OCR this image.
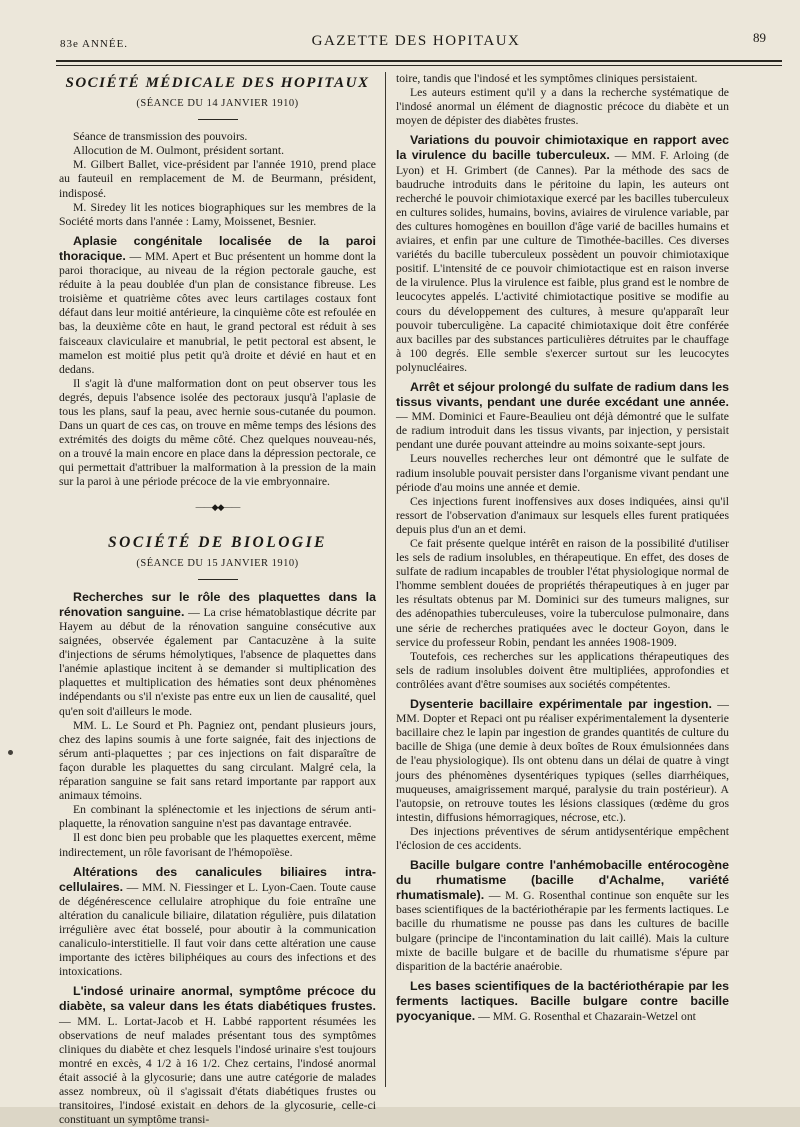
83e ANNÉE.	GAZETTE DES HOPITAUX	89
SOCIÉTÉ MÉDICALE DES HOPITAUX
(SÉANCE DU 14 JANVIER 1910)

Séance de transmission des pouvoirs.

Allocution de M. Oulmont, président sortant.

M. Gilbert Ballet, vice-président par l'année 1910, prend place au fauteuil en remplacement de M. de Beurmann, président, indisposé.

M. Siredey lit les notices biographiques sur les membres de la Société morts dans l'année : Lamy, Moissenet, Besnier.

Aplasie congénitale localisée de la paroi thoracique. — MM. Apert et Buc présentent un homme dont la paroi thoracique, au niveau de la région pectorale gauche, est réduite à la peau doublée d'un plan de consistance fibreuse. Les troisième et quatrième côtes avec leurs cartilages costaux font défaut dans leur moitié antérieure, la cinquième côte est refoulée en bas, la deuxième côte en haut, le grand pectoral est réduit à ses faisceaux claviculaire et manubrial, le petit pectoral est absent, le mamelon est moitié plus petit qu'à droite et dévié en haut et en dedans.

Il s'agit là d'une malformation dont on peut observer tous les degrés, depuis l'absence isolée des pectoraux jusqu'à l'aplasie de tous les plans, sauf la peau, avec hernie sous-cutanée du poumon. Dans un quart de ces cas, on trouve en même temps des lésions des extrémités des doigts du même côté. Chez quelques nouveau-nés, on a trouvé la main encore en place dans la dépression pectorale, ce qui permettait d'attribuer la malformation à la pression de la main sur la paroi à une période précoce de la vie embryonnaire.

——◆◆——
SOCIÉTÉ DE BIOLOGIE
(SÉANCE DU 15 JANVIER 1910)

Recherches sur le rôle des plaquettes dans la rénovation sanguine. — La crise hématoblastique décrite par Hayem au début de la rénovation sanguine consécutive aux saignées, observée également par Cantacuzène à la suite d'injections de sérums hémolytiques, l'absence de plaquettes dans l'anémie aplastique incitent à se demander si multiplication des plaquettes et multiplication des hématies sont deux phénomènes indépendants ou s'il n'existe pas entre eux un lien de causalité, quel qu'en soit d'ailleurs le mode.

MM. L. Le Sourd et Ph. Pagniez ont, pendant plusieurs jours, chez des lapins soumis à une forte saignée, fait des injections de sérum anti-plaquettes ; par ces injections on fait disparaître de façon durable les plaquettes du sang circulant. Malgré cela, la réparation sanguine se fait sans retard importante par rapport aux animaux témoins.

En combinant la splénectomie et les injections de sérum anti-plaquette, la rénovation sanguine n'est pas davantage entravée.

Il est donc bien peu probable que les plaquettes exercent, même indirectement, un rôle favorisant de l'hémopoïèse.

Altérations des canalicules biliaires intra-cellulaires. — MM. N. Fiessinger et L. Lyon-Caen. Toute cause de dégénérescence cellulaire atrophique du foie entraîne une altération du canalicule biliaire, dilatation régulière, puis dilatation irrégulière avec état bosselé, pour aboutir à la communication canaliculo-interstitielle. Il faut voir dans cette altération une cause importante des ictères biliphéiques au cours des infections et des intoxications.

L'indosé urinaire anormal, symptôme précoce du diabète, sa valeur dans les états diabétiques frustes. — MM. L. Lortat-Jacob et H. Labbé rapportent résumées les observations de neuf malades présentant tous des symptômes cliniques du diabète et chez lesquels l'indosé urinaire s'est toujours montré en excès, 4 1/2 à 16 1/2. Chez certains, l'indosé anormal était associé à la glycosurie; dans une autre catégorie de malades assez nombreux, où il s'agissait d'états diabétiques frustes ou transitoires, l'indosé existait en dehors de la glycosurie, celle-ci constituant un symptôme transi-

toire, tandis que l'indosé et les symptômes cliniques persistaient.

Les auteurs estiment qu'il y a dans la recherche systématique de l'indosé anormal un élément de diagnostic précoce du diabète et un moyen de dépister des diabètes frustes.

Variations du pouvoir chimiotaxique en rapport avec la virulence du bacille tuberculeux. — MM. F. Arloing (de Lyon) et H. Grimbert (de Cannes). Par la méthode des sacs de baudruche introduits dans le péritoine du lapin, les auteurs ont recherché le pouvoir chimiotaxique exercé par les bacilles tuberculeux en cultures solides, humains, bovins, aviaires de virulence variable, par des cultures homogènes en bouillon d'âge varié de bacilles humains et aviaires, et enfin par une culture de Timothée-bacilles. Ces diverses variétés du bacille tuberculeux possèdent un pouvoir chimiotaxique positif. L'intensité de ce pouvoir chimiotactique est en raison inverse de la virulence. Plus la virulence est faible, plus grand est le nombre de leucocytes appelés. L'activité chimiotactique positive se modifie au cours du développement des cultures, à mesure qu'apparaît leur pouvoir tuberculigène. La capacité chimiotaxique doit être conférée aux bacilles par des substances particulières détruites par le chauffage à 100 degrés. Elle semble s'exercer surtout sur les leucocytes polynucléaires.

Arrêt et séjour prolongé du sulfate de radium dans les tissus vivants, pendant une durée excédant une année. — MM. Dominici et Faure-Beaulieu ont déjà démontré que le sulfate de radium introduit dans les tissus vivants, par injection, y persistait pendant une durée pouvant atteindre au moins soixante-sept jours.

Leurs nouvelles recherches leur ont démontré que le sulfate de radium insoluble pouvait persister dans l'organisme vivant pendant une période d'au moins une année et demie.

Ces injections furent inoffensives aux doses indiquées, ainsi qu'il ressort de l'observation d'animaux sur lesquels elles furent pratiquées depuis plus d'un an et demi.

Ce fait présente quelque intérêt en raison de la possibilité d'utiliser les sels de radium insolubles, en thérapeutique. En effet, des doses de sulfate de radium incapables de troubler l'état physiologique normal de l'homme semblent douées de propriétés thérapeutiques à en juger par les résultats obtenus par M. Dominici sur des tumeurs malignes, sur des adénopathies tuberculeuses, voire la tuberculose pulmonaire, dans une série de recherches pratiquées avec le docteur Goyon, dans le service du professeur Robin, pendant les années 1908-1909.

Toutefois, ces recherches sur les applications thérapeutiques des sels de radium insolubles doivent être multipliées, approfondies et contrôlées avant d'être soumises aux sociétés compétentes.

Dysenterie bacillaire expérimentale par ingestion. — MM. Dopter et Repaci ont pu réaliser expérimentalement la dysenterie bacillaire chez le lapin par ingestion de grandes quantités de culture du bacille de Shiga (une demie à deux boîtes de Roux émulsionnées dans de l'eau physiologique). Ils ont obtenu dans un délai de quatre à vingt jours des phénomènes dysentériques typiques (selles diarrhéiques, muqueuses, amaigrissement marqué, paralysie du train postérieur). A l'autopsie, on retrouve toutes les lésions classiques (œdème du gros intestin, diffusions hémorragiques, nécrose, etc.).

Des injections préventives de sérum antidysentérique empêchent l'éclosion de ces accidents.

Bacille bulgare contre l'anhémobacille entérocogène du rhumatisme (bacille d'Achalme, variété rhumatismale). — M. G. Rosenthal continue son enquête sur les bases scientifiques de la bactériothérapie par les ferments lactiques. Le bacille du rhumatisme ne pousse pas dans les cultures de bacille bulgare (principe de l'incontamination du lait caillé). Mais la culture mixte de bacille bulgare et de bacille du rhumatisme s'épure par disparition de la bactérie anaérobie.

Les bases scientifiques de la bactériothérapie par les ferments lactiques. Bacille bulgare contre bacille pyocyanique. — MM. G. Rosenthal et Chazarain-Wetzel ont
